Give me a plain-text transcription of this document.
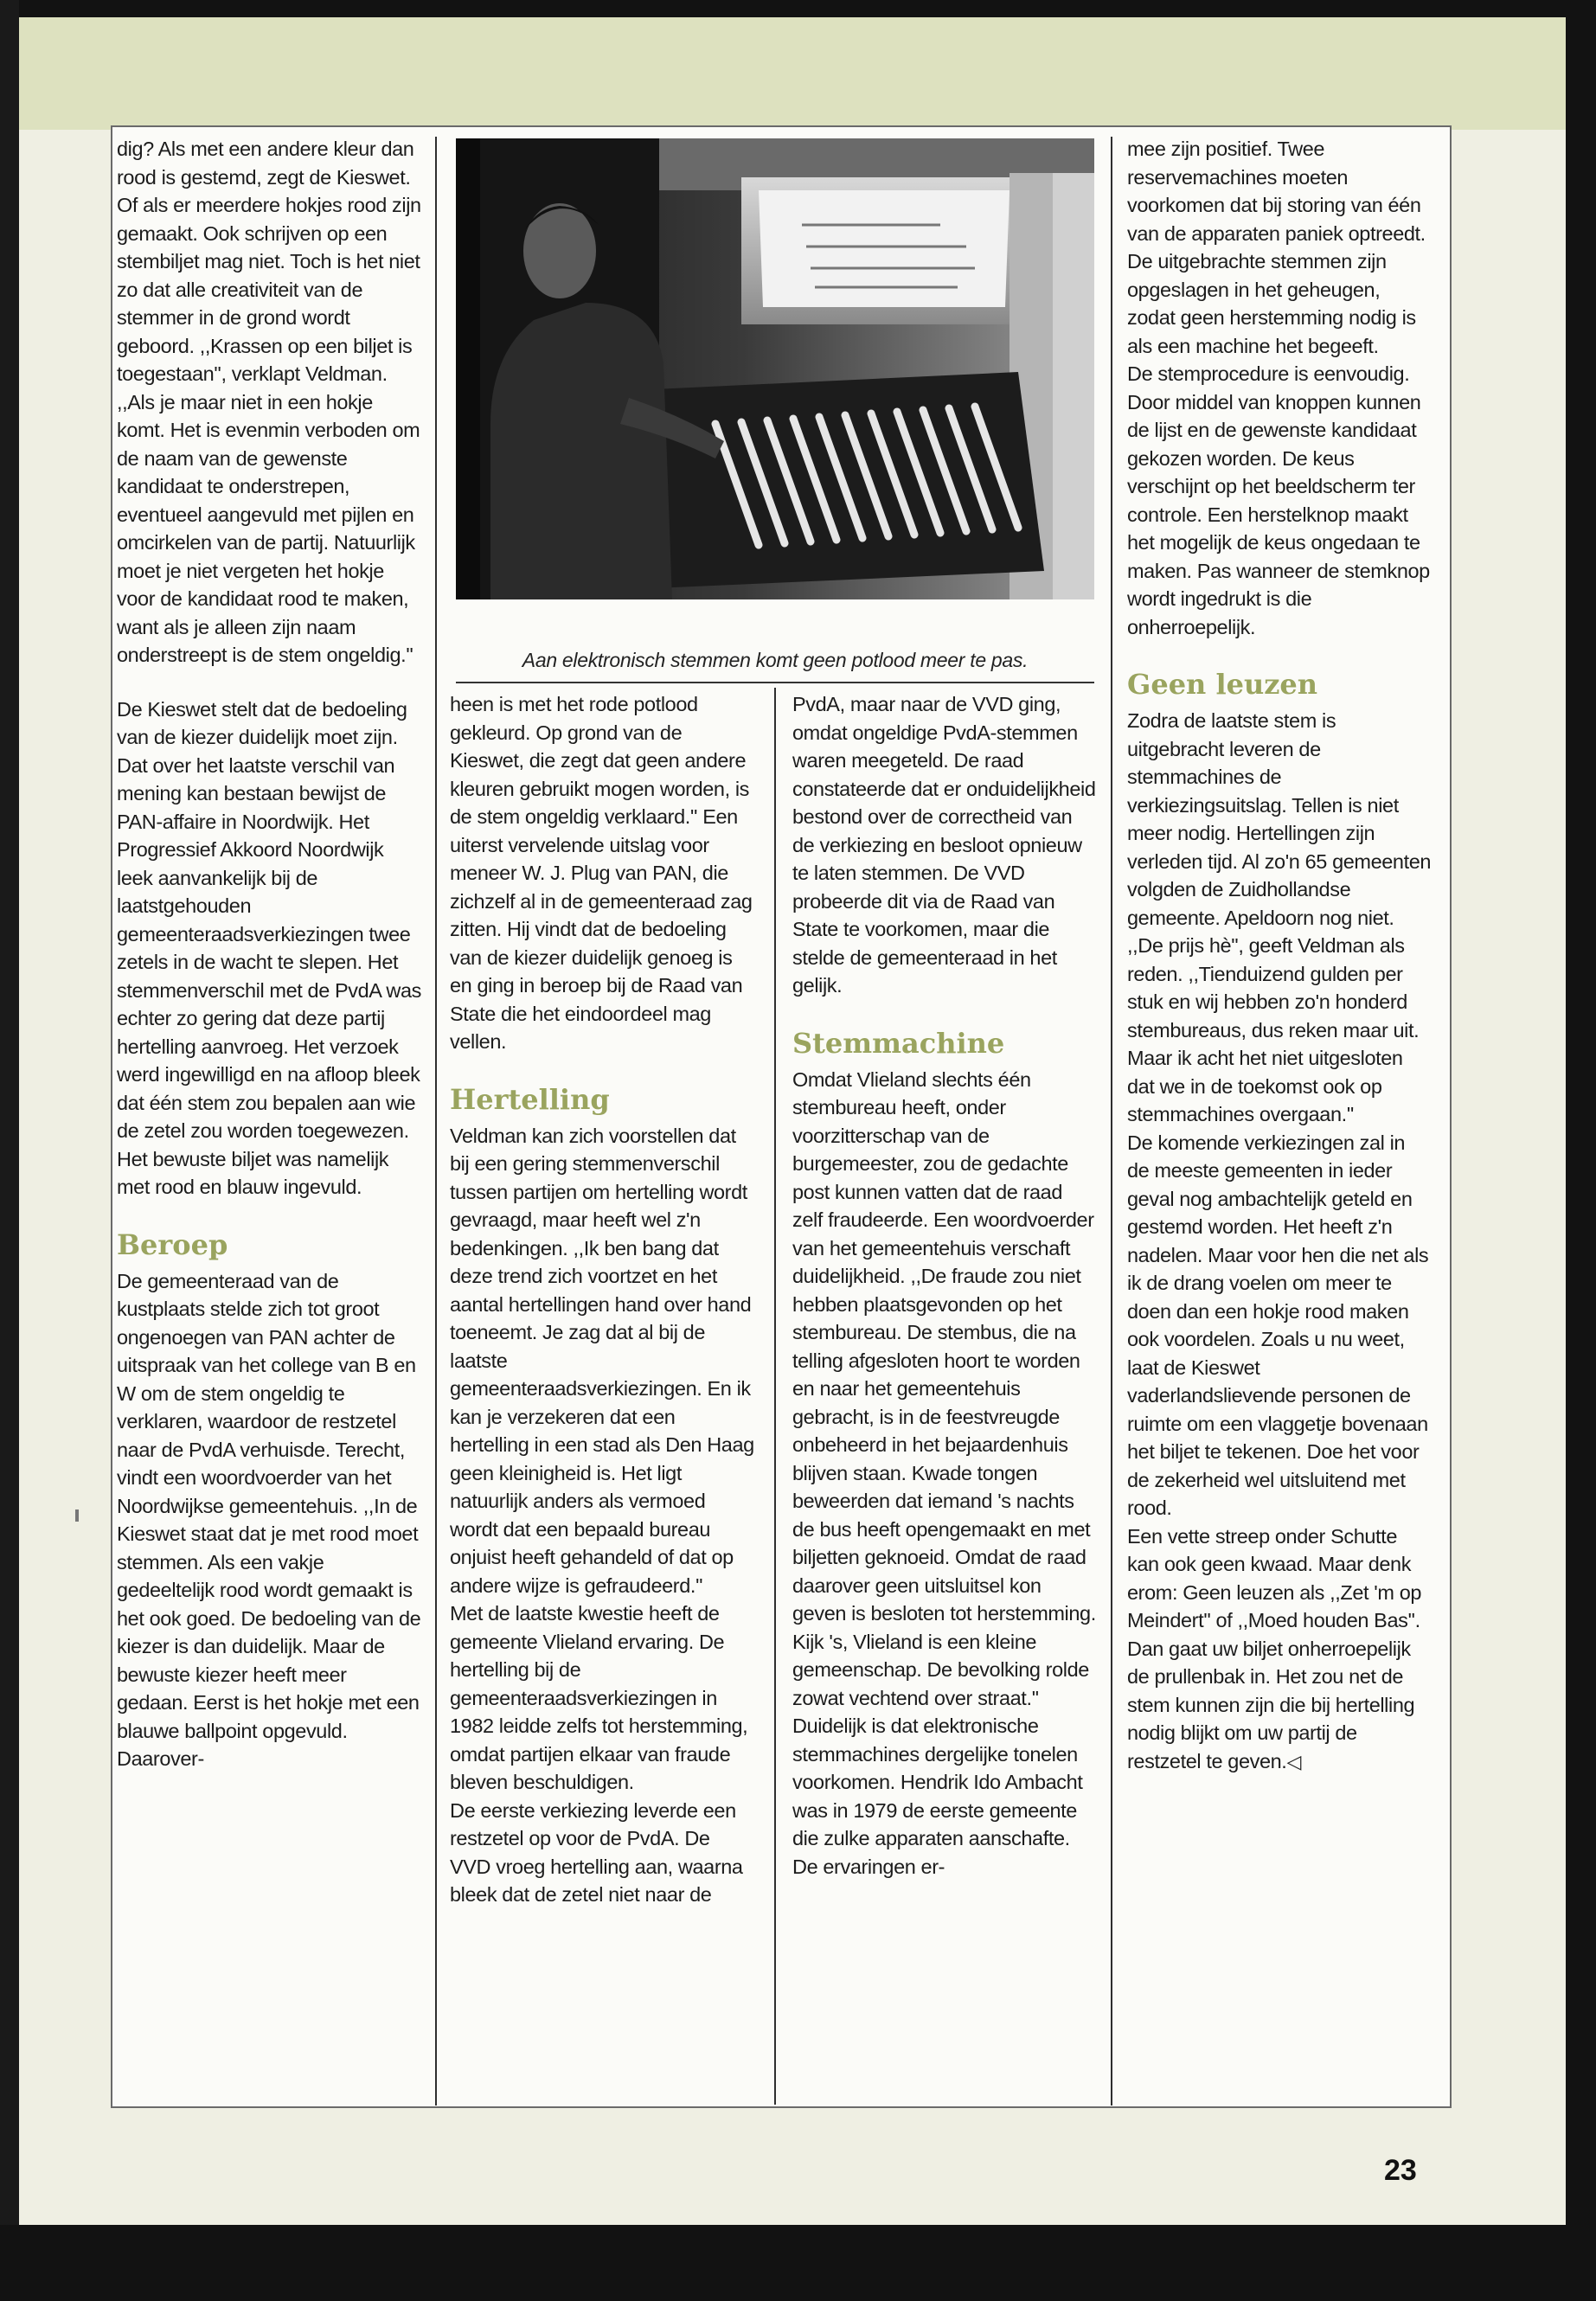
dig? Als met een andere kleur dan rood is gestemd, zegt de Kieswet. Of als er meerdere hokjes rood zijn gemaakt. Ook schrijven op een stembiljet mag niet. Toch is het niet zo dat alle creativiteit van de stemmer in de grond wordt geboord. ,,Krassen op een biljet is toegestaan'', verklapt Veldman. ,,Als je maar niet in een hokje komt. Het is evenmin verboden om de naam van de gewenste kandidaat te onderstrepen, eventueel aangevuld met pijlen en omcirkelen van de partij. Natuurlijk moet je niet vergeten het hokje voor de kandidaat rood te maken, want als je alleen zijn naam onderstreept is de stem ongeldig.''

De Kieswet stelt dat de bedoeling van de kiezer duidelijk moet zijn. Dat over het laatste verschil van mening kan bestaan bewijst de PAN-affaire in Noordwijk. Het Progressief Akkoord Noordwijk leek aanvankelijk bij de laatstgehouden gemeenteraadsverkiezingen twee zetels in de wacht te slepen. Het stemmenverschil met de PvdA was echter zo gering dat deze partij hertelling aanvroeg. Het verzoek werd ingewilligd en na afloop bleek dat één stem zou bepalen aan wie de zetel zou worden toegewezen. Het bewuste biljet was namelijk met rood en blauw ingevuld.

Beroep

De gemeenteraad van de kustplaats stelde zich tot groot ongenoegen van PAN achter de uitspraak van het college van B en W om de stem ongeldig te verklaren, waardoor de restzetel naar de PvdA verhuisde. Terecht, vindt een woordvoerder van het Noordwijkse gemeentehuis. ,,In de Kieswet staat dat je met rood moet stemmen. Als een vakje gedeeltelijk rood wordt gemaakt is het ook goed. De bedoeling van de kiezer is dan duidelijk. Maar de bewuste kiezer heeft meer gedaan. Eerst is het hokje met een blauwe ballpoint opgevuld. Daarover-

Aan elektronisch stemmen komt geen potlood meer te pas.

heen is met het rode potlood gekleurd. Op grond van de Kieswet, die zegt dat geen andere kleuren gebruikt mogen worden, is de stem ongeldig verklaard.'' Een uiterst vervelende uitslag voor meneer W. J. Plug van PAN, die zichzelf al in de gemeenteraad zag zitten. Hij vindt dat de bedoeling van de kiezer duidelijk genoeg is en ging in beroep bij de Raad van State die het eindoordeel mag vellen.

Hertelling

Veldman kan zich voorstellen dat bij een gering stemmenverschil tussen partijen om hertelling wordt gevraagd, maar heeft wel z'n bedenkingen. ,,Ik ben bang dat deze trend zich voortzet en het aantal hertellingen hand over hand toeneemt. Je zag dat al bij de laatste gemeenteraadsverkiezingen. En ik kan je verzekeren dat een hertelling in een stad als Den Haag geen kleinigheid is. Het ligt natuurlijk anders als vermoed wordt dat een bepaald bureau onjuist heeft gehandeld of dat op andere wijze is gefraudeerd.''

Met de laatste kwestie heeft de gemeente Vlieland ervaring. De hertelling bij de gemeenteraadsverkiezingen in 1982 leidde zelfs tot herstemming, omdat partijen elkaar van fraude bleven beschuldigen.

De eerste verkiezing leverde een restzetel op voor de PvdA. De VVD vroeg hertelling aan, waarna bleek dat de zetel niet naar de

PvdA, maar naar de VVD ging, omdat ongeldige PvdA-stemmen waren meegeteld. De raad constateerde dat er onduidelijkheid bestond over de correctheid van de verkiezing en besloot opnieuw te laten stemmen. De VVD probeerde dit via de Raad van State te voorkomen, maar die stelde de gemeenteraad in het gelijk.

Stemmachine

Omdat Vlieland slechts één stembureau heeft, onder voorzitterschap van de burgemeester, zou de gedachte post kunnen vatten dat de raad zelf fraudeerde. Een woordvoerder van het gemeentehuis verschaft duidelijkheid. ,,De fraude zou niet hebben plaatsgevonden op het stembureau. De stembus, die na telling afgesloten hoort te worden en naar het gemeentehuis gebracht, is in de feestvreugde onbeheerd in het bejaardenhuis blijven staan. Kwade tongen beweerden dat iemand 's nachts de bus heeft opengemaakt en met biljetten geknoeid. Omdat de raad daarover geen uitsluitsel kon geven is besloten tot herstemming. Kijk 's, Vlieland is een kleine gemeenschap. De bevolking rolde zowat vechtend over straat.''

Duidelijk is dat elektronische stemmachines dergelijke tonelen voorkomen. Hendrik Ido Ambacht was in 1979 de eerste gemeente die zulke apparaten aanschafte. De ervaringen er-

mee zijn positief. Twee reservemachines moeten voorkomen dat bij storing van één van de apparaten paniek optreedt. De uitgebrachte stemmen zijn opgeslagen in het geheugen, zodat geen herstemming nodig is als een machine het begeeft.

De stemprocedure is eenvoudig. Door middel van knoppen kunnen de lijst en de gewenste kandidaat gekozen worden. De keus verschijnt op het beeldscherm ter controle. Een herstelknop maakt het mogelijk de keus ongedaan te maken. Pas wanneer de stemknop wordt ingedrukt is die onherroepelijk.

Geen leuzen

Zodra de laatste stem is uitgebracht leveren de stemmachines de verkiezingsuitslag. Tellen is niet meer nodig. Hertellingen zijn verleden tijd. Al zo'n 65 gemeenten volgden de Zuidhollandse gemeente. Apeldoorn nog niet.

,,De prijs hè'', geeft Veldman als reden. ,,Tienduizend gulden per stuk en wij hebben zo'n honderd stembureaus, dus reken maar uit. Maar ik acht het niet uitgesloten dat we in de toekomst ook op stemmachines overgaan.''

De komende verkiezingen zal in de meeste gemeenten in ieder geval nog ambachtelijk geteld en gestemd worden. Het heeft z'n nadelen. Maar voor hen die net als ik de drang voelen om meer te doen dan een hokje rood maken ook voordelen. Zoals u nu weet, laat de Kieswet vaderlandslievende personen de ruimte om een vlaggetje bovenaan het biljet te tekenen. Doe het voor de zekerheid wel uitsluitend met rood.

Een vette streep onder Schutte kan ook geen kwaad. Maar denk erom: Geen leuzen als ,,Zet 'm op Meindert'' of ,,Moed houden Bas''. Dan gaat uw biljet onherroepelijk de prullenbak in. Het zou net de stem kunnen zijn die bij hertelling nodig blijkt om uw partij de restzetel te geven.◁

23
